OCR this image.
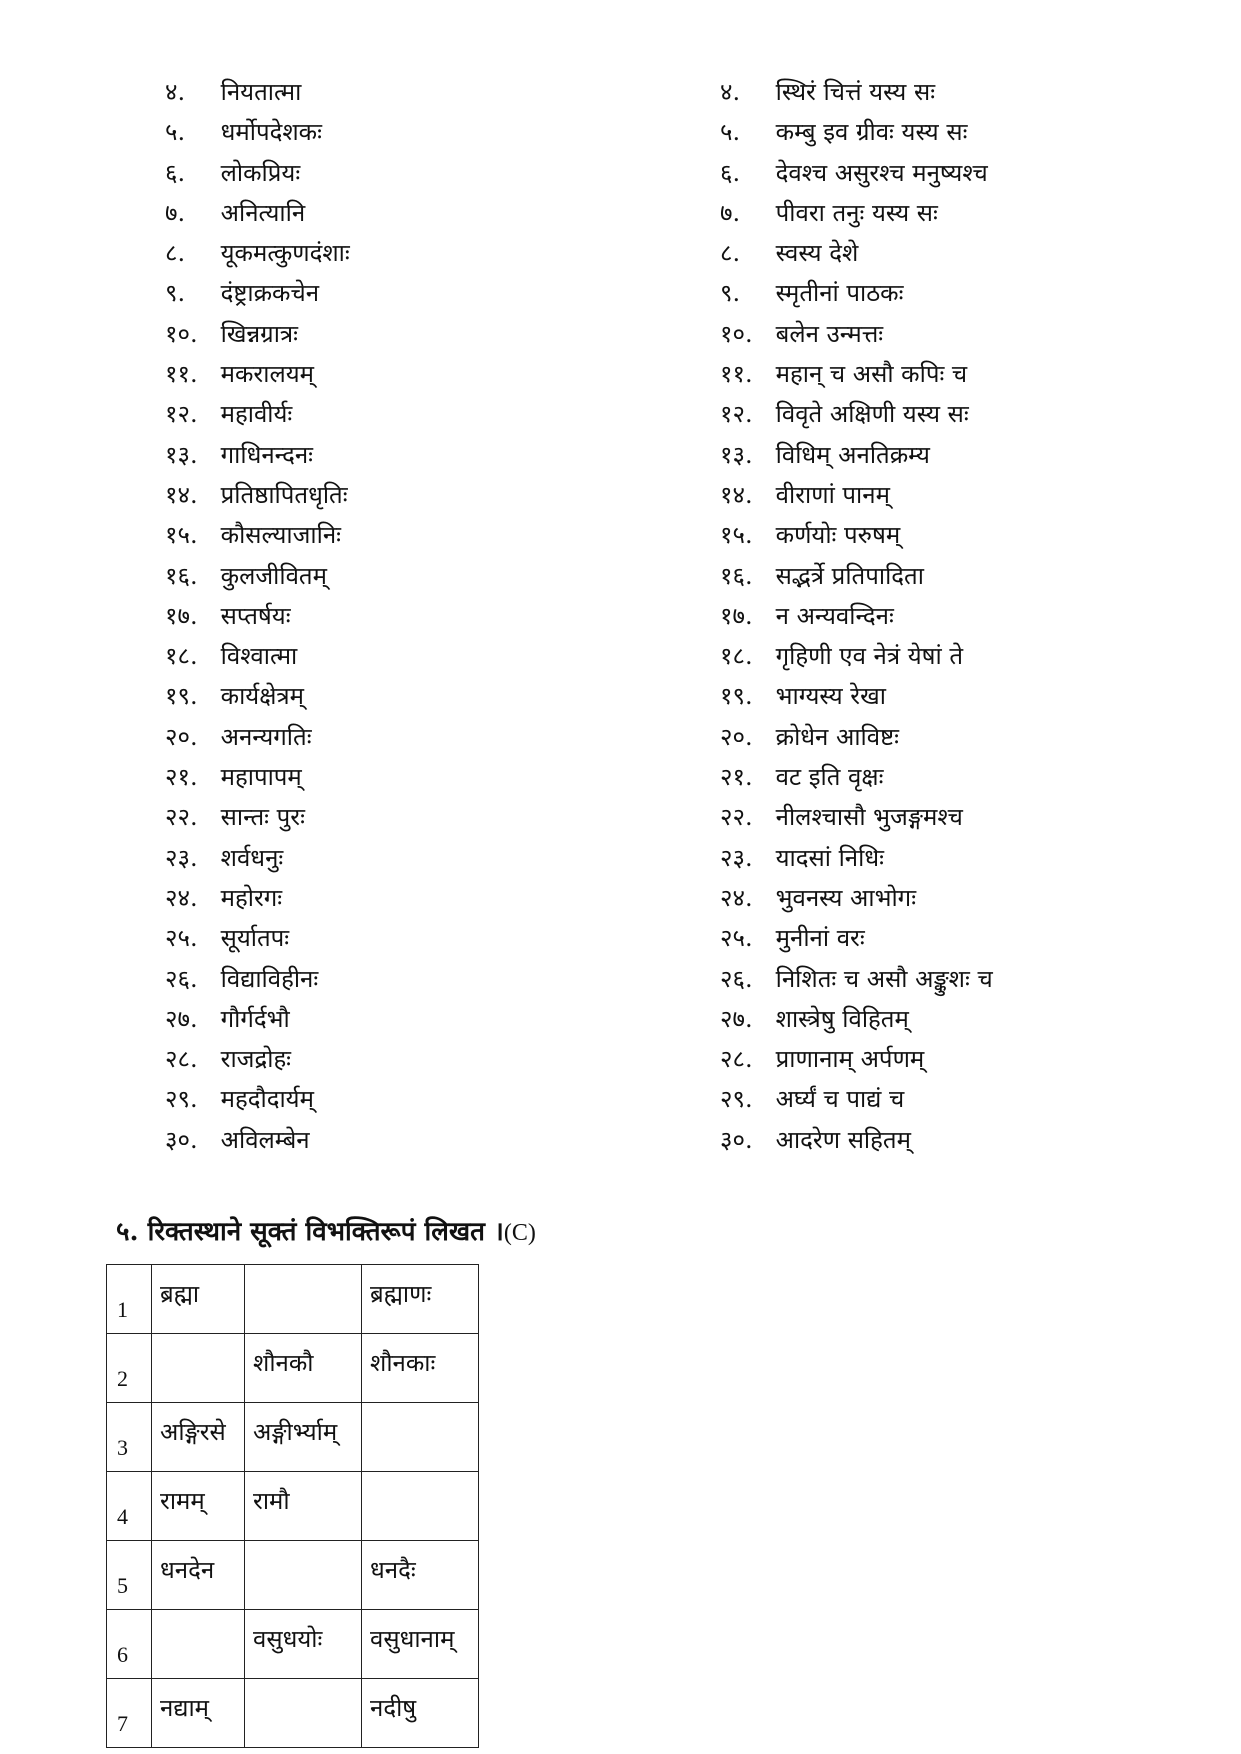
४. नियतात्मा
५. धर्मोपदेशकः
६. लोकप्रियः
७. अनित्यानि
८. यूकमत्कुणदंशाः
९. दंष्ट्राक्रकचेन
१०. खिन्नग्रात्रः
११. मकरालयम्
१२. महावीर्यः
१३. गाधिनन्दनः
१४. प्रतिष्ठापितधृतिः
१५. कौसल्याजानिः
१६. कुलजीवितम्
१७. सप्तर्षयः
१८. विश्वात्मा
१९. कार्यक्षेत्रम्
२०. अनन्यगतिः
२१. महापापम्
२२. सान्तः पुरः
२३. शर्वधनुः
२४. महोरगः
२५. सूर्यातपः
२६. विद्याविहीनः
२७. गौर्गर्दभौ
२८. राजद्रोहः
२९. महदौदार्यम्
३०. अविलम्बेन
४. स्थिरं चित्तं यस्य सः
५. कम्बु इव ग्रीवः यस्य सः
६. देवश्च असुरश्च मनुष्यश्च
७. पीवरा तनुः यस्य सः
८. स्वस्य देशे
९. स्मृतीनां पाठकः
१०. बलेन उन्मत्तः
११. महान् च असौ कपिः च
१२. विवृते अक्षिणी यस्य सः
१३. विधिम् अनतिक्रम्य
१४. वीराणां पानम्
१५. कर्णयोः परुषम्
१६. सद्भर्त्रे प्रतिपादिता
१७. न अन्यवन्दिनः
१८. गृहिणी एव नेत्रं येषां ते
१९. भाग्यस्य रेखा
२०. क्रोधेन आविष्टः
२१. वट इति वृक्षः
२२. नीलश्चासौ भुजङ्गमश्च
२३. यादसां निधिः
२४. भुवनस्य आभोगः
२५. मुनीनां वरः
२६. निशितः च असौ अङ्कुशः च
२७. शास्त्रेषु विहितम्
२८. प्राणानाम् अर्पणम्
२९. अर्घ्यं च पाद्यं च
३०. आदरेण सहितम्
५. रिक्तस्थाने सूक्तं विभक्तिरूपं लिखत ।(C)
1	ब्रह्मा		ब्रह्माणः
2		शौनकौ	शौनकाः
3	अङ्गिरसे	अङ्गीर्भ्याम्	
4	रामम्	रामौ	
5	धनदेन		धनदैः
6		वसुधयोः	वसुधानाम्
7	नद्याम्		नदीषु
